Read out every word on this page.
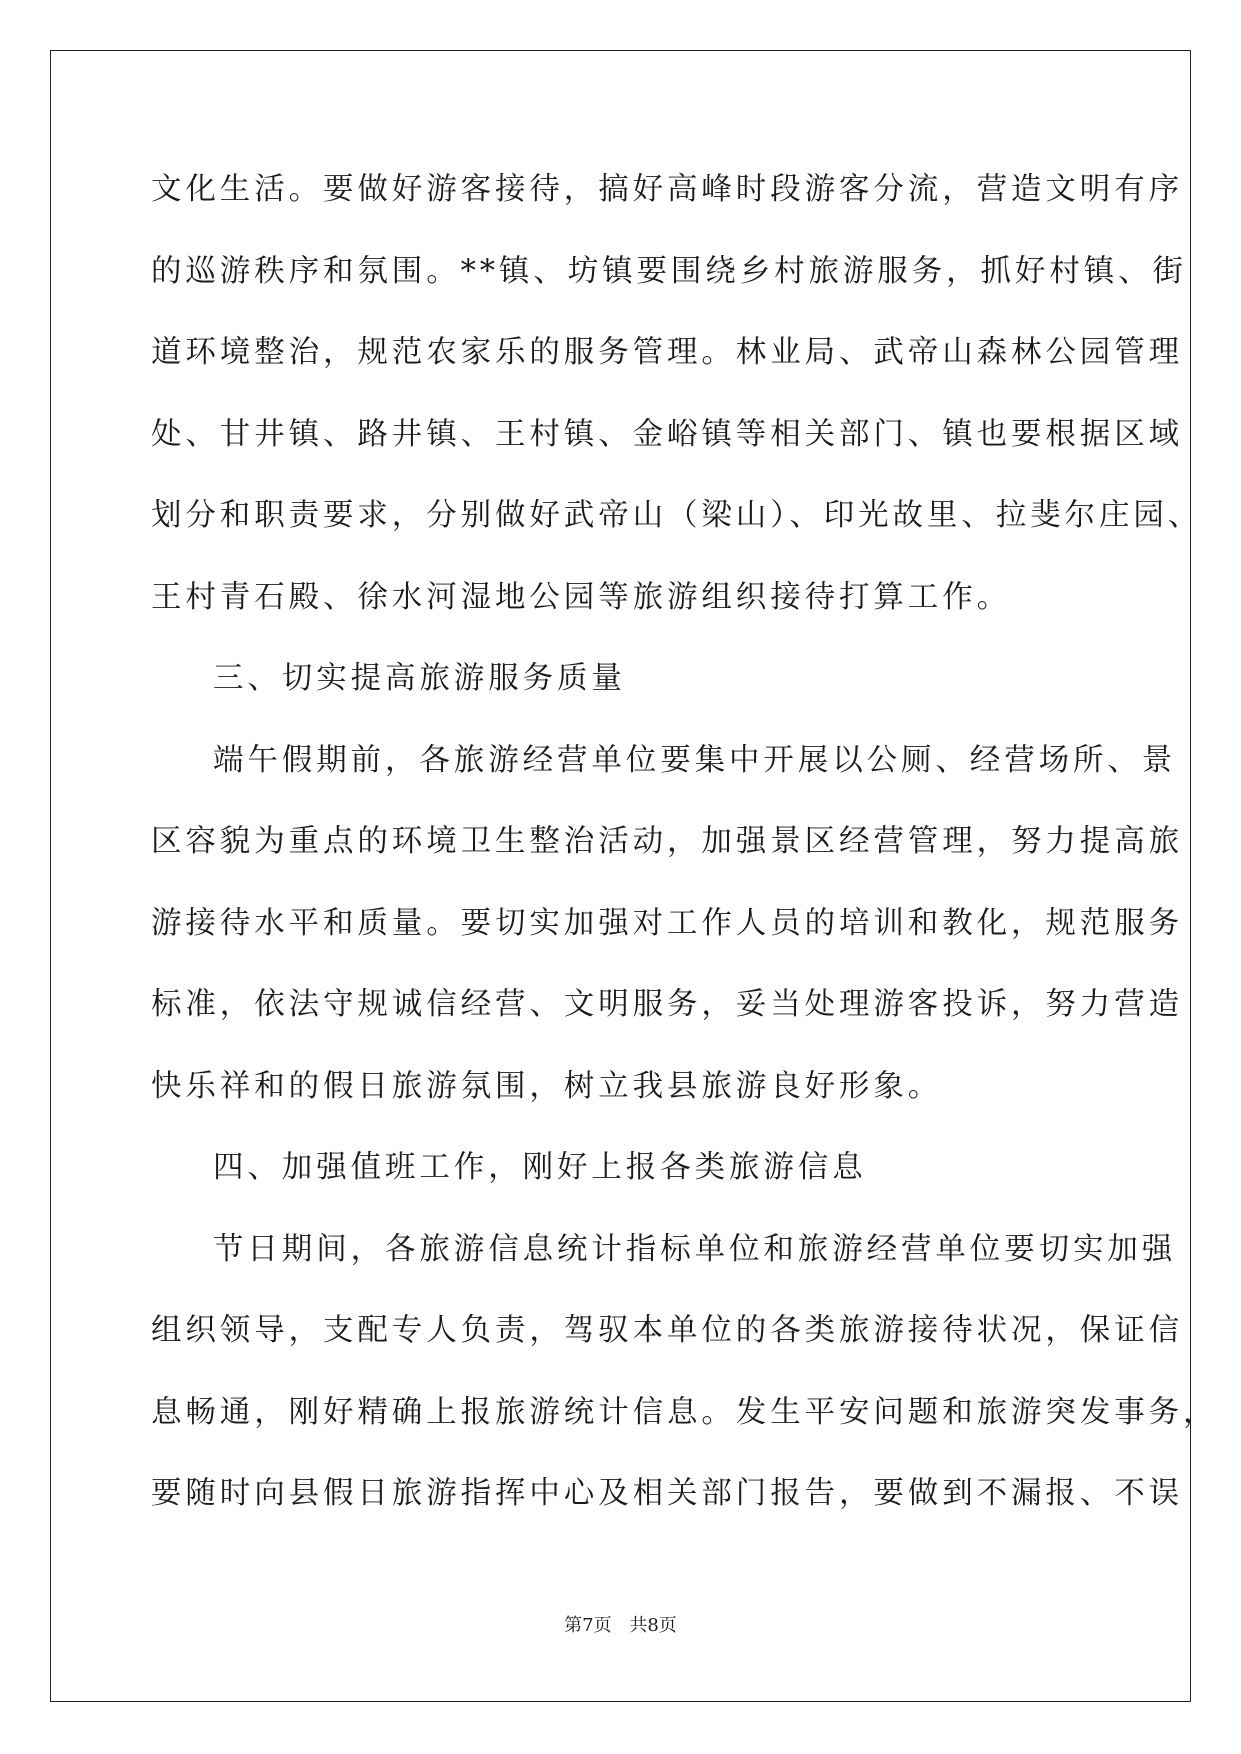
文化生活。要做好游客接待，搞好高峰时段游客分流，营造文明有序
的巡游秩序和氛围。**镇、坊镇要围绕乡村旅游服务，抓好村镇、街
道环境整治，规范农家乐的服务管理。林业局、武帝山森林公园管理
处、甘井镇、路井镇、王村镇、金峪镇等相关部门、镇也要根据区域
划分和职责要求，分别做好武帝山（梁山）、印光故里、拉斐尔庄园、
王村青石殿、徐水河湿地公园等旅游组织接待打算工作。
三、切实提高旅游服务质量
端午假期前，各旅游经营单位要集中开展以公厕、经营场所、景
区容貌为重点的环境卫生整治活动，加强景区经营管理，努力提高旅
游接待水平和质量。要切实加强对工作人员的培训和教化，规范服务
标准，依法守规诚信经营、文明服务，妥当处理游客投诉，努力营造
快乐祥和的假日旅游氛围，树立我县旅游良好形象。
四、加强值班工作，刚好上报各类旅游信息
节日期间，各旅游信息统计指标单位和旅游经营单位要切实加强
组织领导，支配专人负责，驾驭本单位的各类旅游接待状况，保证信
息畅通，刚好精确上报旅游统计信息。发生平安问题和旅游突发事务，
要随时向县假日旅游指挥中心及相关部门报告，要做到不漏报、不误
第7页 共8页
